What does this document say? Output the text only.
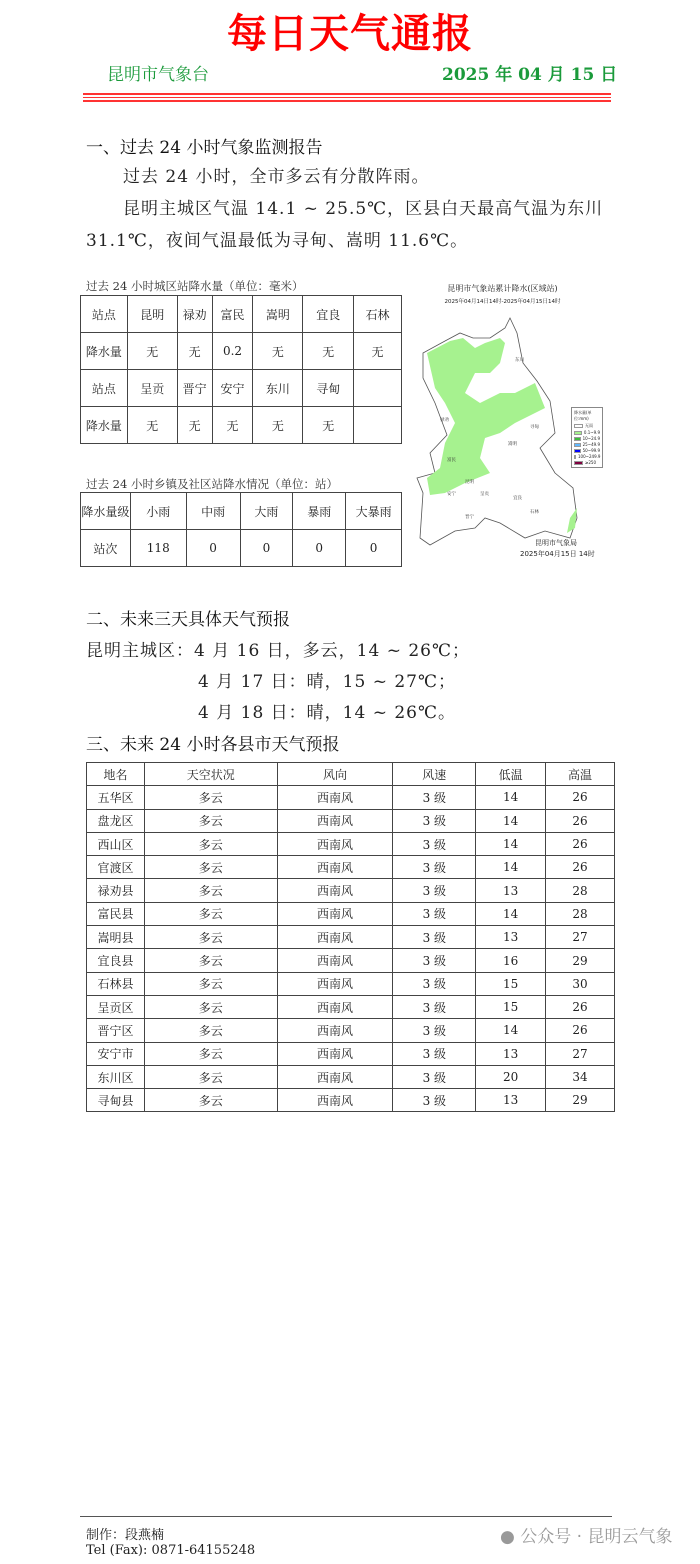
每日天气通报
昆明市气象台	2025 年 04 月 15 日
一、过去 24 小时气象监测报告
过去 24 小时，全市多云有分散阵雨。
昆明主城区气温 14.1 ~ 25.5℃，区县白天最高气温为东川
31.1℃，夜间气温最低为寻甸、嵩明 11.6℃。
过去 24 小时城区站降水量（单位：毫米）
站点	昆明	禄劝	富民	嵩明	宜良	石林
降水量	无	无	0.2	无	无	无
站点	呈贡	晋宁	安宁	东川	寻甸	
降水量	无	无	无	无	无	
过去 24 小时乡镇及社区站降水情况（单位：站）
降水量级	小雨	中雨	大雨	暴雨	大暴雨
站次	118	0	0	0	0
昆明市气象站累计降水(区域站)
2025年04月14日14时-2025年04月15日14时
东川
禄劝
寻甸
嵩明
富民
昆明
安宁	呈贡
宜良
石林
晋宁
降水量(单位:mm)
无雨
0.1~9.9
10~24.9
25~49.9
50~99.9
100~249.9
≥250
昆明市气象局
2025年04月15日 14时
二、未来三天具体天气预报
昆明主城区：4 月 16 日，多云，14 ~ 26℃；
4 月 17 日：晴，15 ~ 27℃；
4 月 18 日：晴，14 ~ 26℃。
三、未来 24 小时各县市天气预报
地名	天空状况	风向	风速	低温	高温
五华区	多云	西南风	3 级	14	26
盘龙区	多云	西南风	3 级	14	26
西山区	多云	西南风	3 级	14	26
官渡区	多云	西南风	3 级	14	26
禄劝县	多云	西南风	3 级	13	28
富民县	多云	西南风	3 级	14	28
嵩明县	多云	西南风	3 级	13	27
宜良县	多云	西南风	3 级	16	29
石林县	多云	西南风	3 级	15	30
呈贡区	多云	西南风	3 级	15	26
晋宁区	多云	西南风	3 级	14	26
安宁市	多云	西南风	3 级	13	27
东川区	多云	西南风	3 级	20	34
寻甸县	多云	西南风	3 级	13	29
制作：段燕楠
Tel (Fax): 0871-64155248
● 公众号 · 昆明云气象
